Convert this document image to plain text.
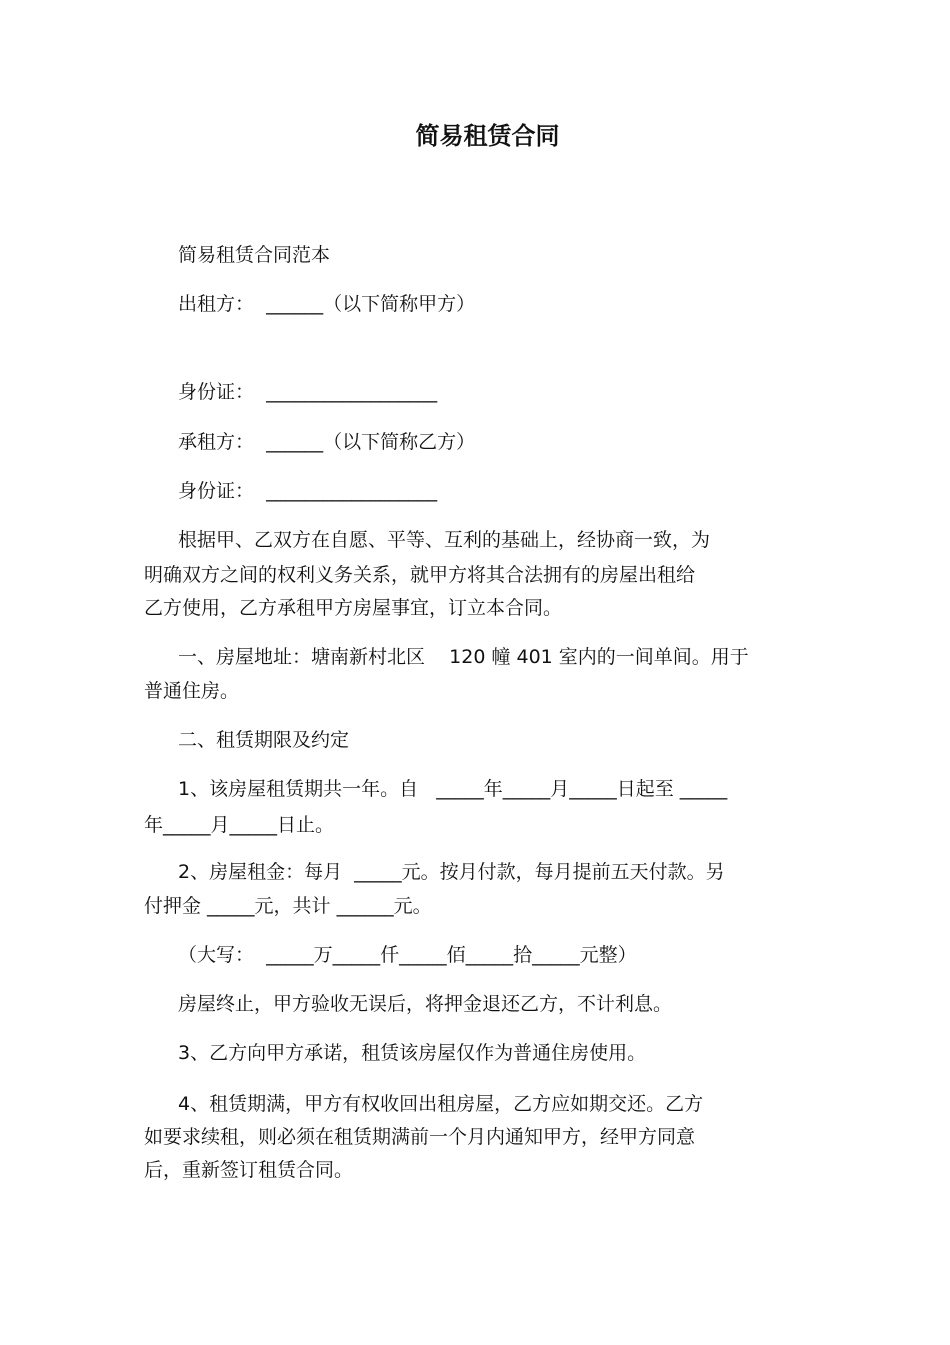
简易租赁合同

简易租赁合同范本

出租方：  ______（以下简称甲方）

身份证：  __________________

承租方：  ______（以下简称乙方）

身份证：  __________________

根据甲、乙双方在自愿、平等、互利的基础上，经协商一致，为

明确双方之间的权利义务关系，就甲方将其合法拥有的房屋出租给

乙方使用，乙方承租甲方房屋事宜，订立本合同。

一、房屋地址：塘南新村北区    120 幢 401 室内的一间单间。用于

普通住房。

二、租赁期限及约定

1、该房屋租赁期共一年。自   _____年_____月_____日起至 _____

年_____月_____日止。

2、房屋租金：每月  _____元。按月付款，每月提前五天付款。另

付押金 _____元，共计 ______元。

（大写：  _____万_____仟_____佰_____拾_____元整）

房屋终止，甲方验收无误后，将押金退还乙方，不计利息。

3、乙方向甲方承诺，租赁该房屋仅作为普通住房使用。

4、租赁期满，甲方有权收回出租房屋，乙方应如期交还。乙方

如要求续租，则必须在租赁期满前一个月内通知甲方，经甲方同意

后，重新签订租赁合同。
